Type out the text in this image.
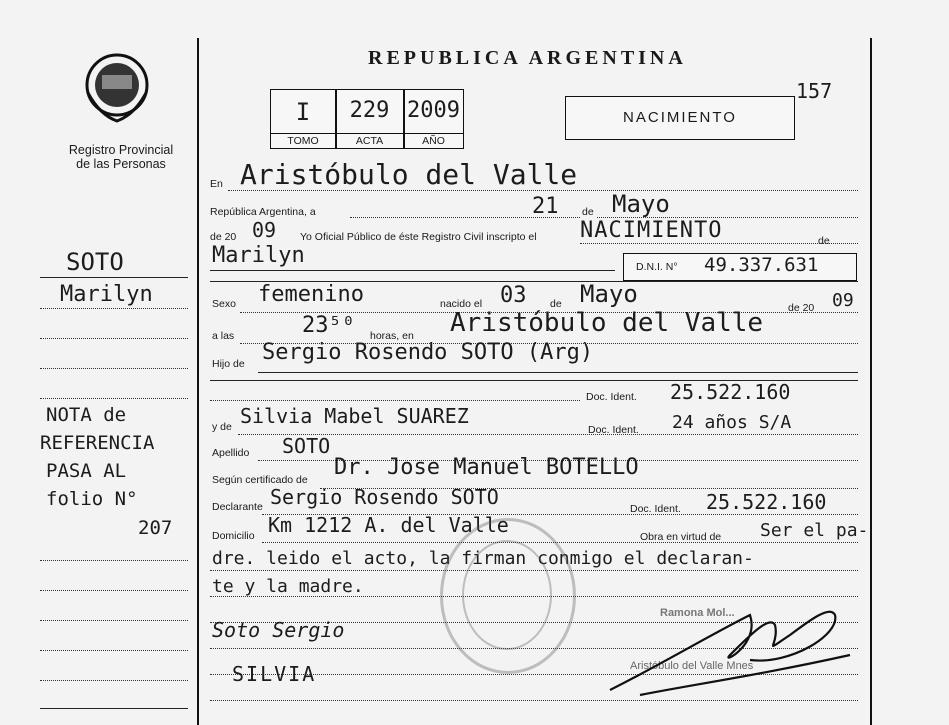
Registro Provincial
de las Personas
SOTO
Marilyn
NOTA de
REFERENCIA
PASA AL
folio N°
207
REPUBLICA ARGENTINA
157
I	229 2009
TOMO	ACTA	AÑO
NACIMIENTO
En Aristóbulo del Valle
República Argentina, a	21 de Mayo
de 20 09 Yo Oficial Público de éste Registro Civil inscripto el NACIMIENTO	de
Marilyn	D.N.I. N° 49.337.631
Sexo femenino	nacido el 03 de Mayo	de 20 09
a las	23⁵⁰ horas, en Aristóbulo del Valle
Hijo de Sergio Rosendo SOTO (Arg)
Doc. Ident. 25.522.160
y de Silvia Mabel SUAREZ
Doc. Ident. 24 años S/A
Apellido SOTO
Según certificado de Dr. Jose Manuel BOTELLO
Declarante Sergio Rosendo SOTO	Doc. Ident. 25.522.160
Domicilio Km 1212 A. del Valle	Obra en virtud de Ser el pa-
dre. leido el acto, la firman conmigo el declaran-
te y la madre.
Soto Sergio
SILVIA
Ramona Mol...
Aristóbulo del Valle Mnes
